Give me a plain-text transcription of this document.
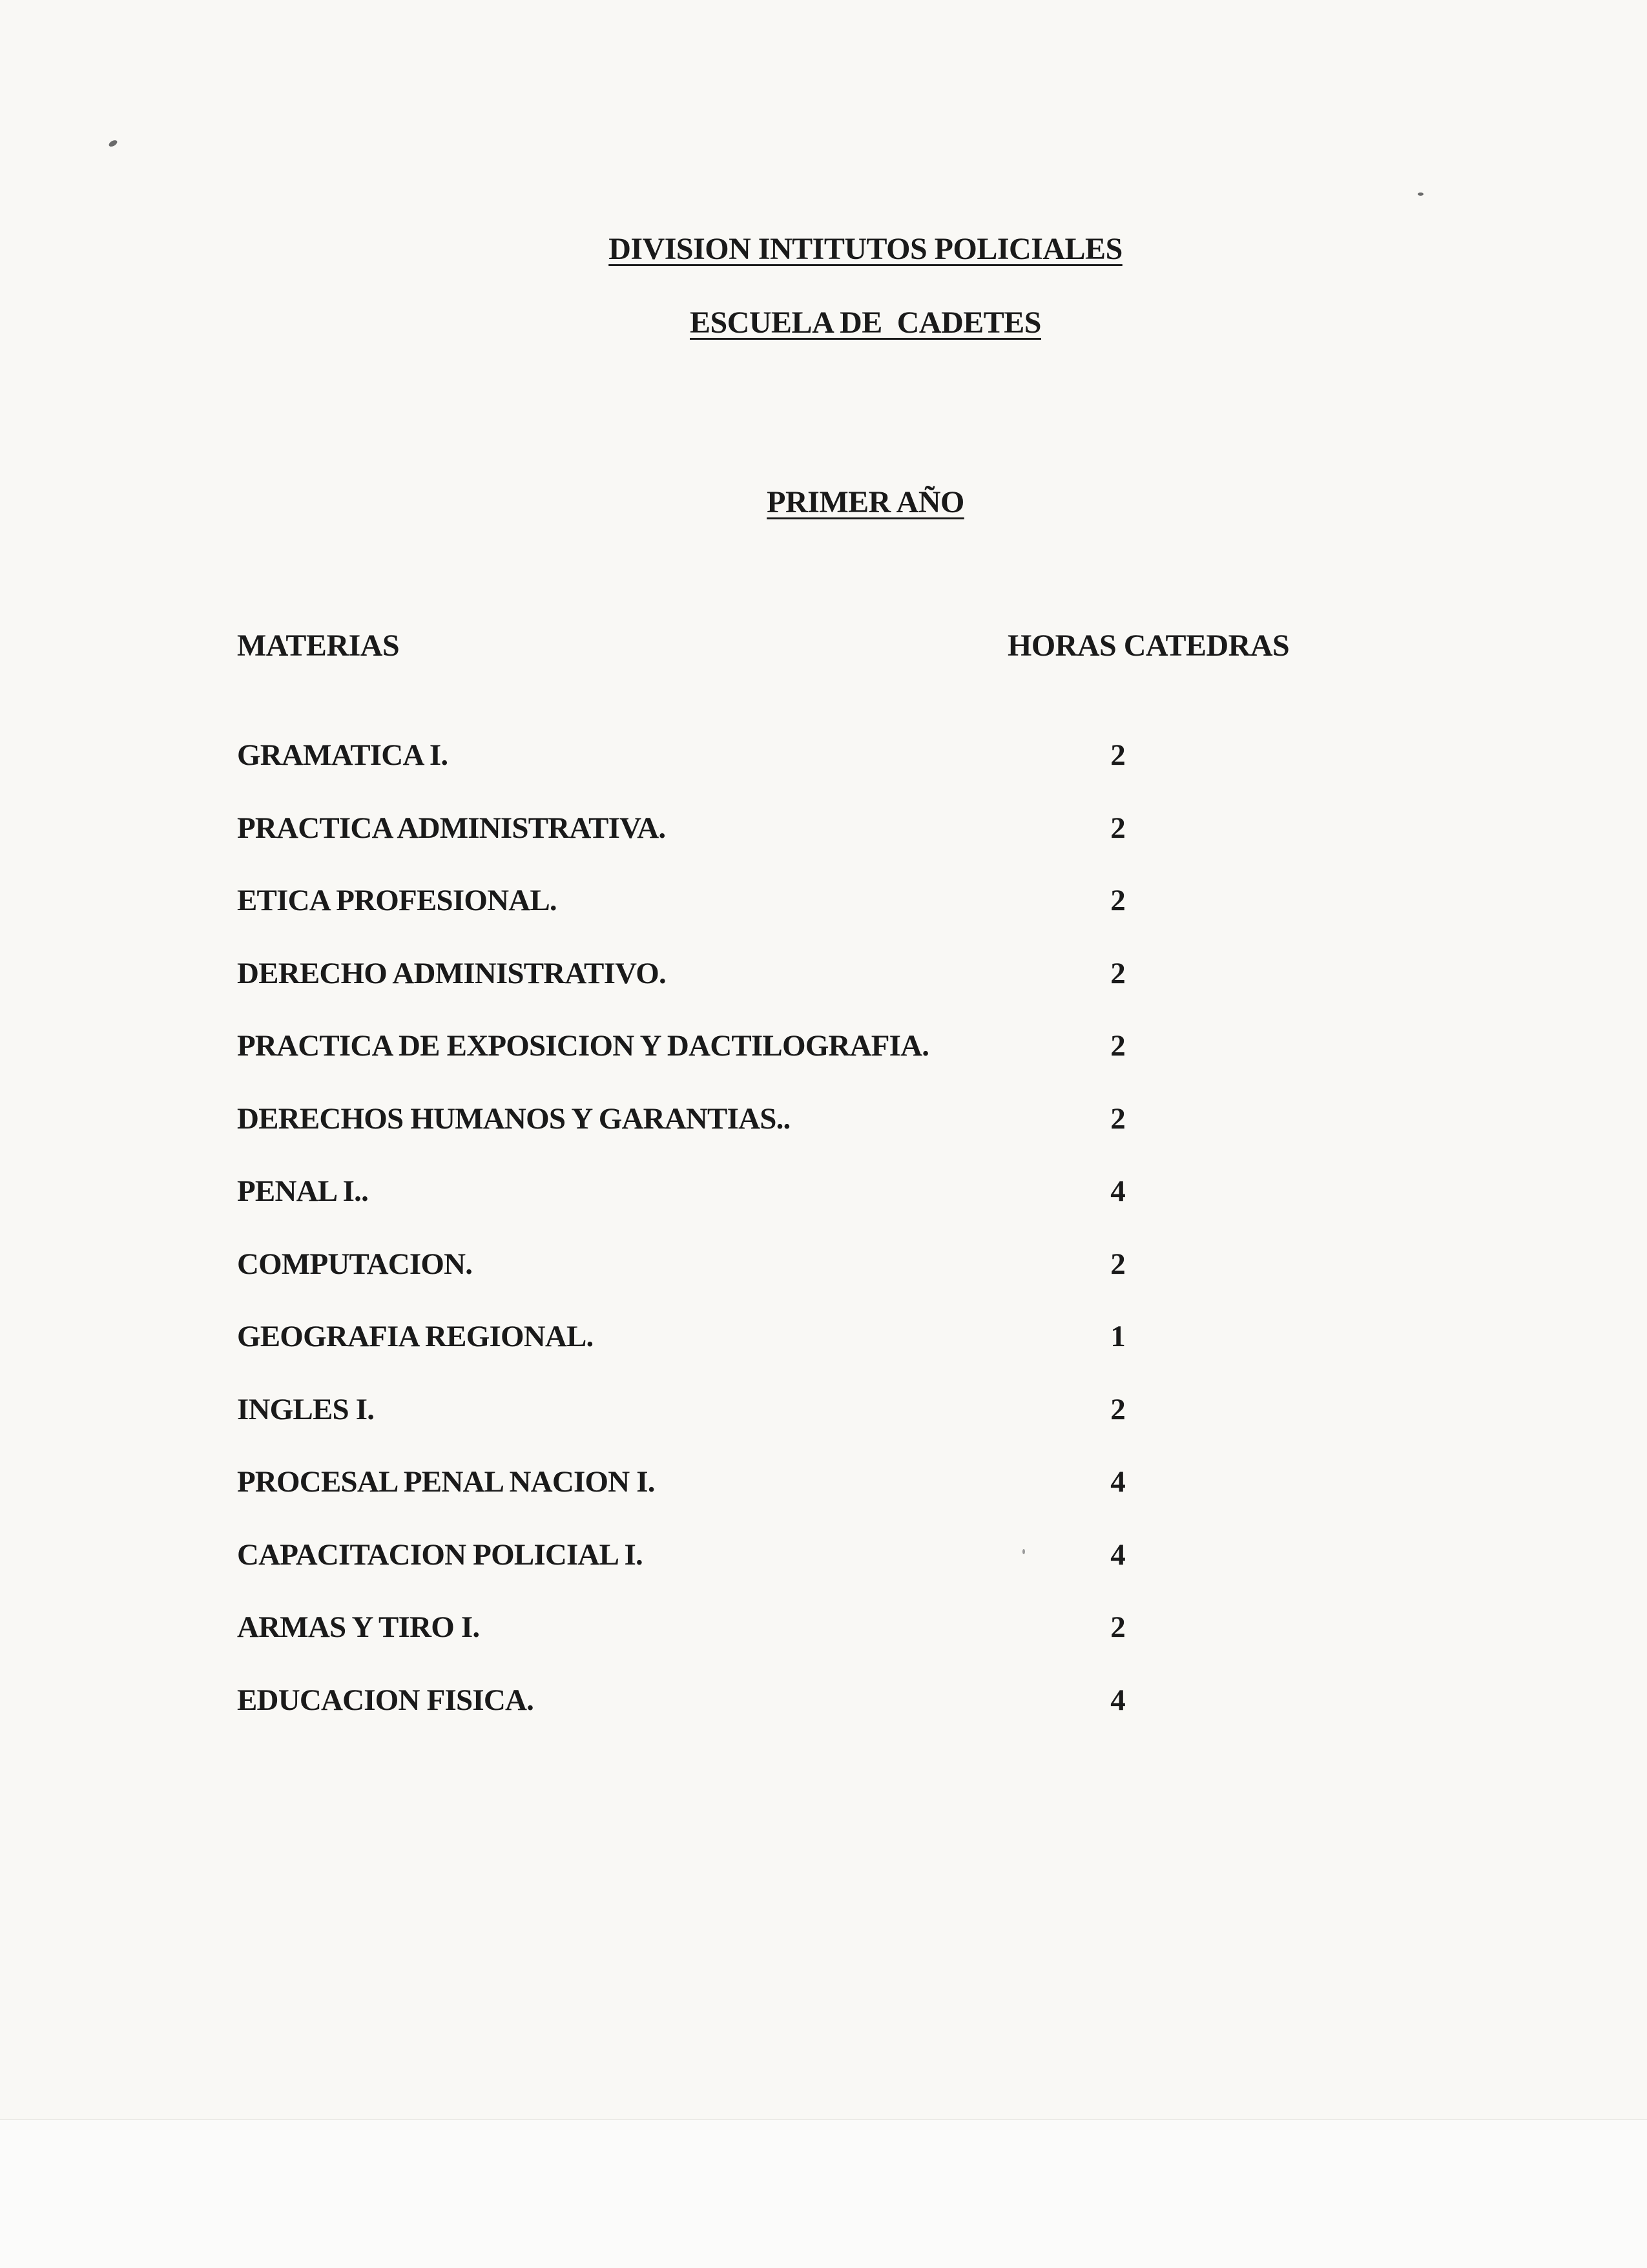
DIVISION INTITUTOS POLICIALES
ESCUELA DE  CADETES
PRIMER AÑO
MATERIAS	HORAS CATEDRAS
GRAMATICA I.	2
PRACTICA ADMINISTRATIVA.	2
ETICA PROFESIONAL.	2
DERECHO ADMINISTRATIVO.	2
PRACTICA DE EXPOSICION Y DACTILOGRAFIA.	2
DERECHOS HUMANOS Y GARANTIAS..	2
PENAL I..	4
COMPUTACION.	2
GEOGRAFIA REGIONAL.	1
INGLES I.	2
PROCESAL PENAL NACION I.	4
CAPACITACION POLICIAL I.	4
ARMAS Y TIRO I.	2
EDUCACION FISICA.	4
